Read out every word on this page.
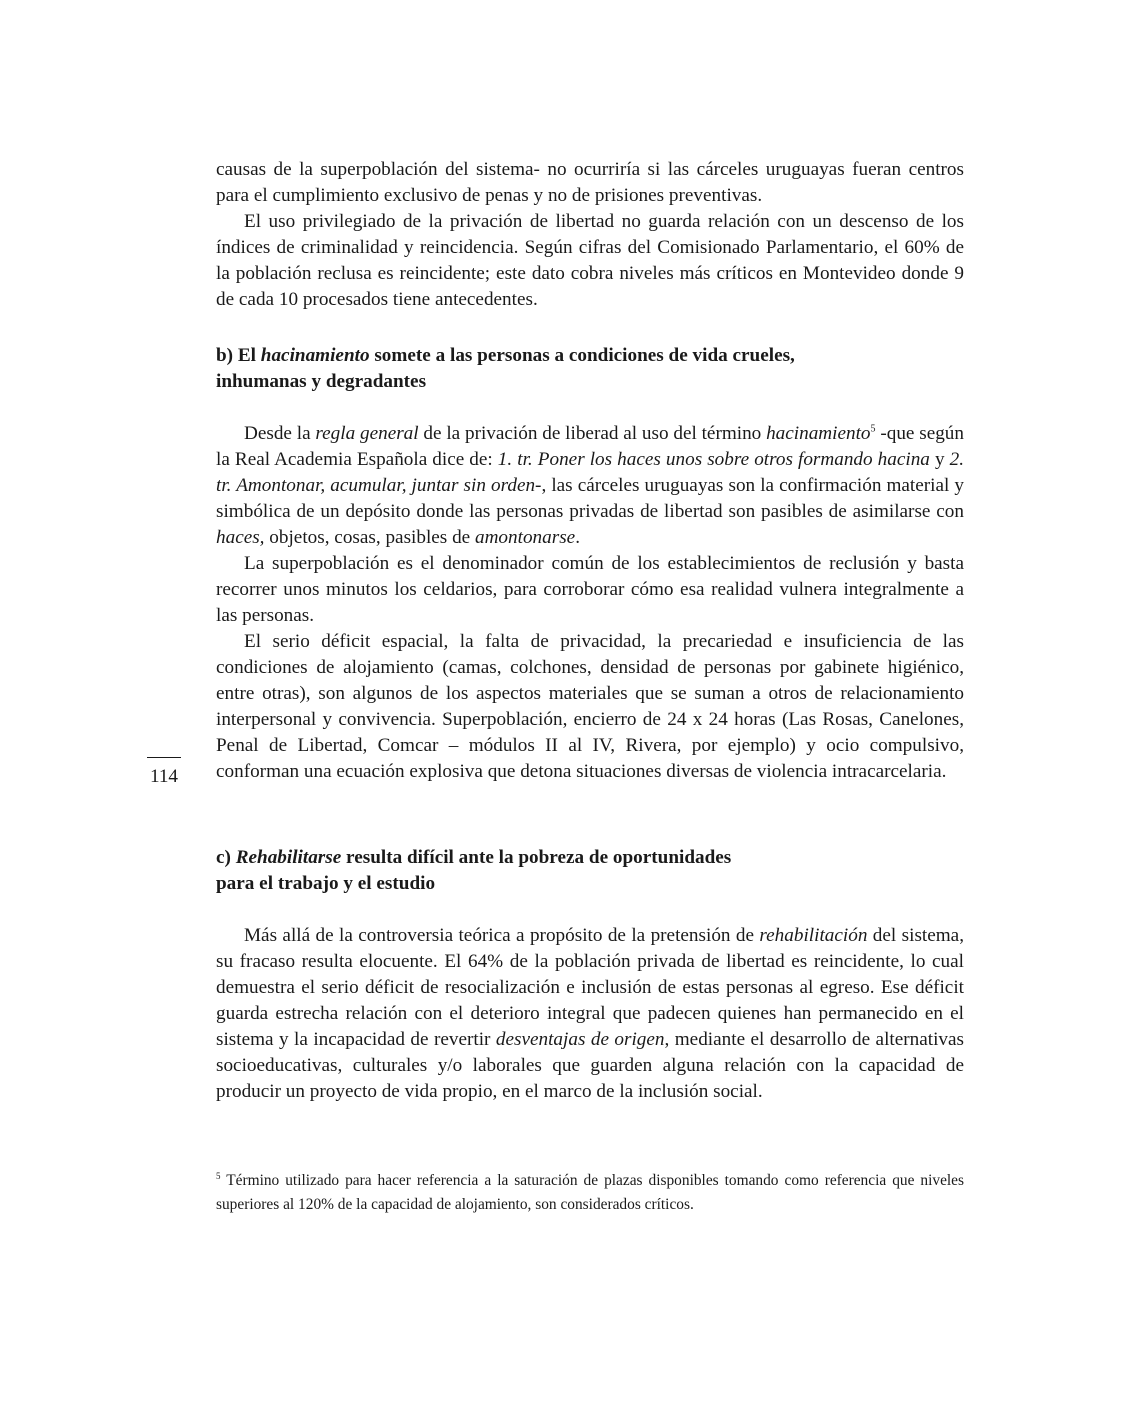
causas de la superpoblación del sistema- no ocurriría si las cárceles uruguayas fueran centros para el cumplimiento exclusivo de penas y no de prisiones preventivas.

El uso privilegiado de la privación de libertad no guarda relación con un descenso de los índices de criminalidad y reincidencia. Según cifras del Comisionado Parlamentario, el 60% de la población reclusa es reincidente; este dato cobra niveles más críticos en Montevideo donde 9 de cada 10 procesados tiene antecedentes.

b) El hacinamiento somete a las personas a condiciones de vida crueles,
inhumanas y degradantes

Desde la regla general de la privación de liberad al uso del término hacinamiento$^5$ -que según la Real Academia Española dice de: 1. tr. Poner los haces unos sobre otros formando hacina y 2. tr. Amontonar, acumular, juntar sin orden-, las cárceles uruguayas son la confirmación material y simbólica de un depósito donde las personas privadas de libertad son pasibles de asimilarse con haces, objetos, cosas, pasibles de amontonarse.

La superpoblación es el denominador común de los establecimientos de reclusión y basta recorrer unos minutos los celdarios, para corroborar cómo esa realidad vulnera integralmente a las personas.

El serio déficit espacial, la falta de privacidad, la precariedad e insuficiencia de las condiciones de alojamiento (camas, colchones, densidad de personas por gabinete higiénico, entre otras), son algunos de los aspectos materiales que se suman a otros de relacionamiento interpersonal y convivencia. Superpoblación, encierro de 24 x 24 horas (Las Rosas, Canelones, Penal de Libertad, Comcar – módulos II al IV, Rivera, por ejemplo) y ocio compulsivo, conforman una ecuación explosiva que detona situaciones diversas de violencia intracarcelaria.

114
c) Rehabilitarse resulta difícil ante la pobreza de oportunidades
para el trabajo y el estudio

Más allá de la controversia teórica a propósito de la pretensión de rehabilitación del sistema, su fracaso resulta elocuente. El 64% de la población privada de libertad es reincidente, lo cual demuestra el serio déficit de resocialización e inclusión de estas personas al egreso. Ese déficit guarda estrecha relación con el deterioro integral que padecen quienes han permanecido en el sistema y la incapacidad de revertir desventajas de origen, mediante el desarrollo de alternativas socioeducativas, culturales y/o laborales que guarden alguna relación con la capacidad de producir un proyecto de vida propio, en el marco de la inclusión social.

$^5$ Término utilizado para hacer referencia a la saturación de plazas disponibles tomando como referencia que niveles superiores al 120% de la capacidad de alojamiento, son considerados críticos.
